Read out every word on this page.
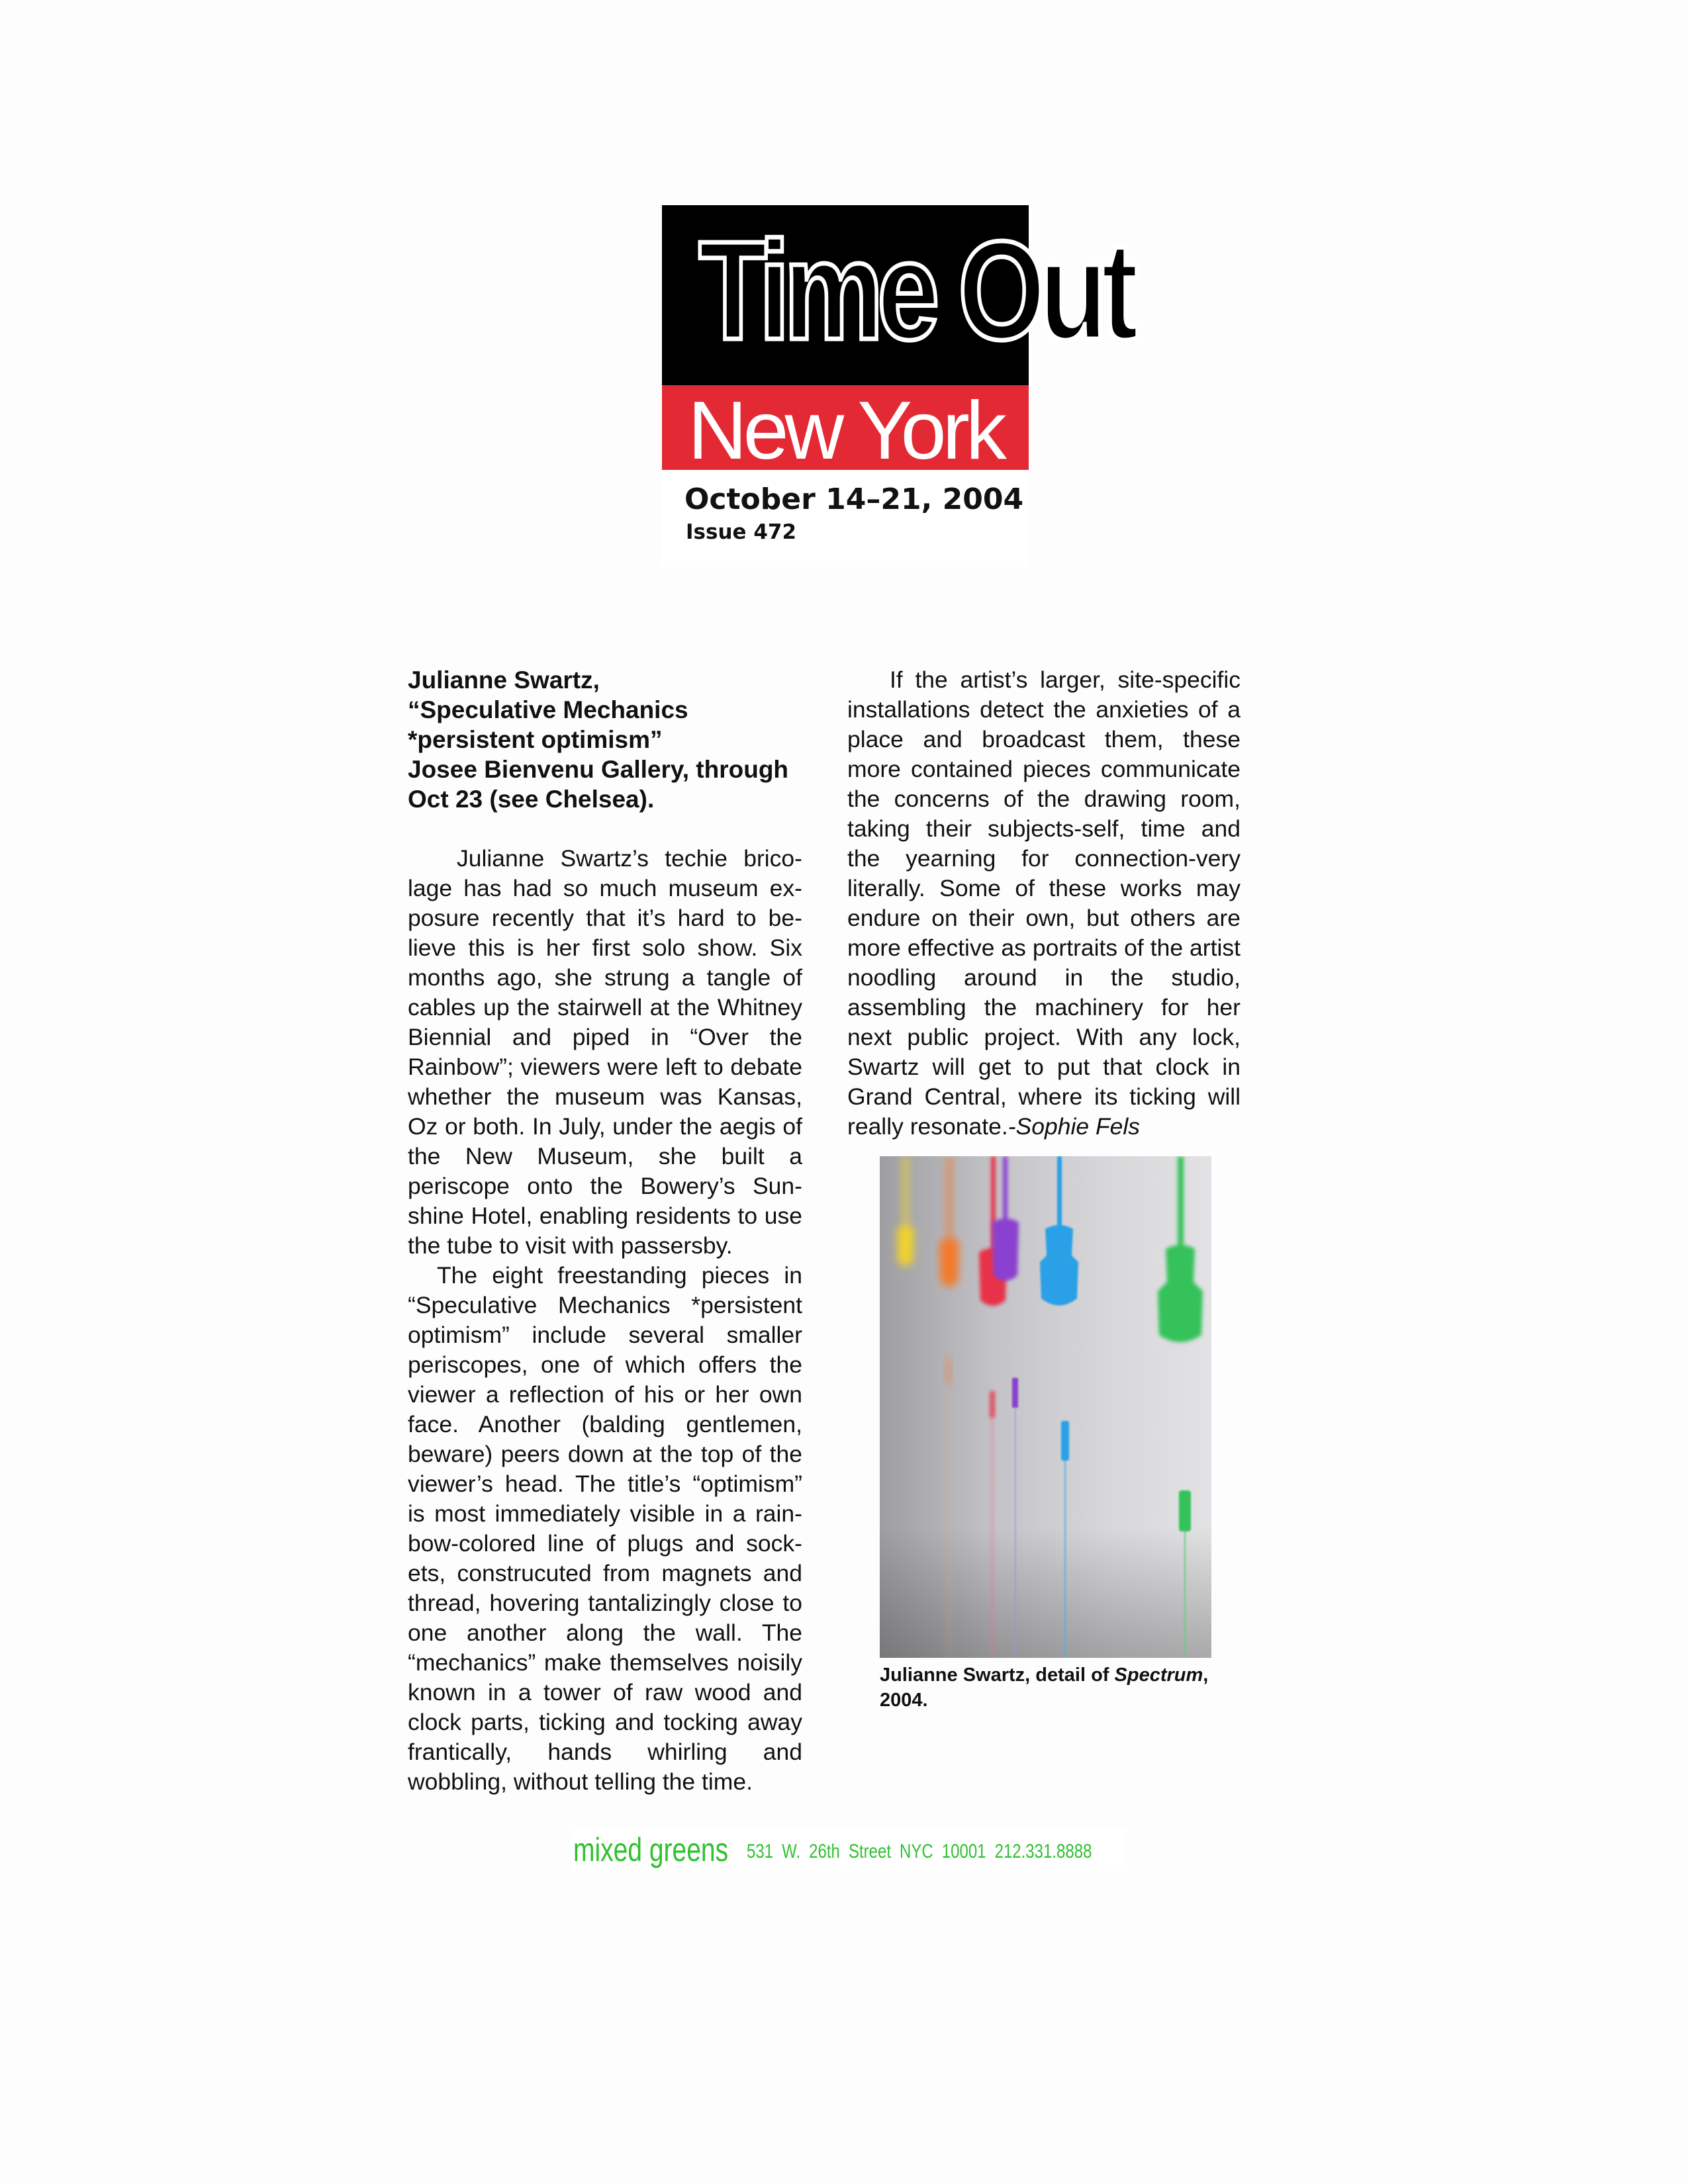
Time Out
New York
October 14–21, 2004
Issue 472

Julianne Swartz,

“Speculative Mechanics

*persistent optimism”

Josee Bienvenu Gallery, through

Oct 23 (see Chelsea).

Julianne Swartz’s techie bricolage has had so much museum exposure recently that it’s hard to believe this is her first solo show. Six months ago, she strung a tangle of cables up the stairwell at the Whitney Biennial and piped in “Over the Rainbow”; viewers were left to debate whether the museum was Kansas, Oz or both. In July, under the aegis of the New Museum, she built a periscope onto the Bowery’s Sunshine Hotel, enabling residents to use the tube to visit with passersby.

The eight freestanding pieces in “Speculative Mechanics *persistent optimism” include several smaller periscopes, one of which offers the viewer a reflection of his or her own face. Another (balding gentlemen, beware) peers down at the top of the viewer’s head. The title’s “optimism” is most immediately visible in a rainbow-colored line of plugs and sockets, construcuted from magnets and thread, hovering tantalizingly close to one another along the wall. The “mechanics” make themselves noisily known in a tower of raw wood and clock parts, ticking and tocking away frantically, hands whirling and wobbling, without telling the time.

If the artist’s larger, site-specific installations detect the anxieties of a place and broadcast them, these more contained pieces communicate the concerns of the drawing room, taking their subjects-self, time and the yearning for connection-very literally. Some of these works may endure on their own, but others are more effective as portraits of the artist noodling around in the studio, assembling the machinery for her next public project. With any lock, Swartz will get to put that clock in Grand Central, where its ticking will really resonate.-Sophie Fels

Julianne Swartz, detail of Spectrum,
2004.
mixed greens 531 W. 26th Street NYC 10001 212.331.8888
